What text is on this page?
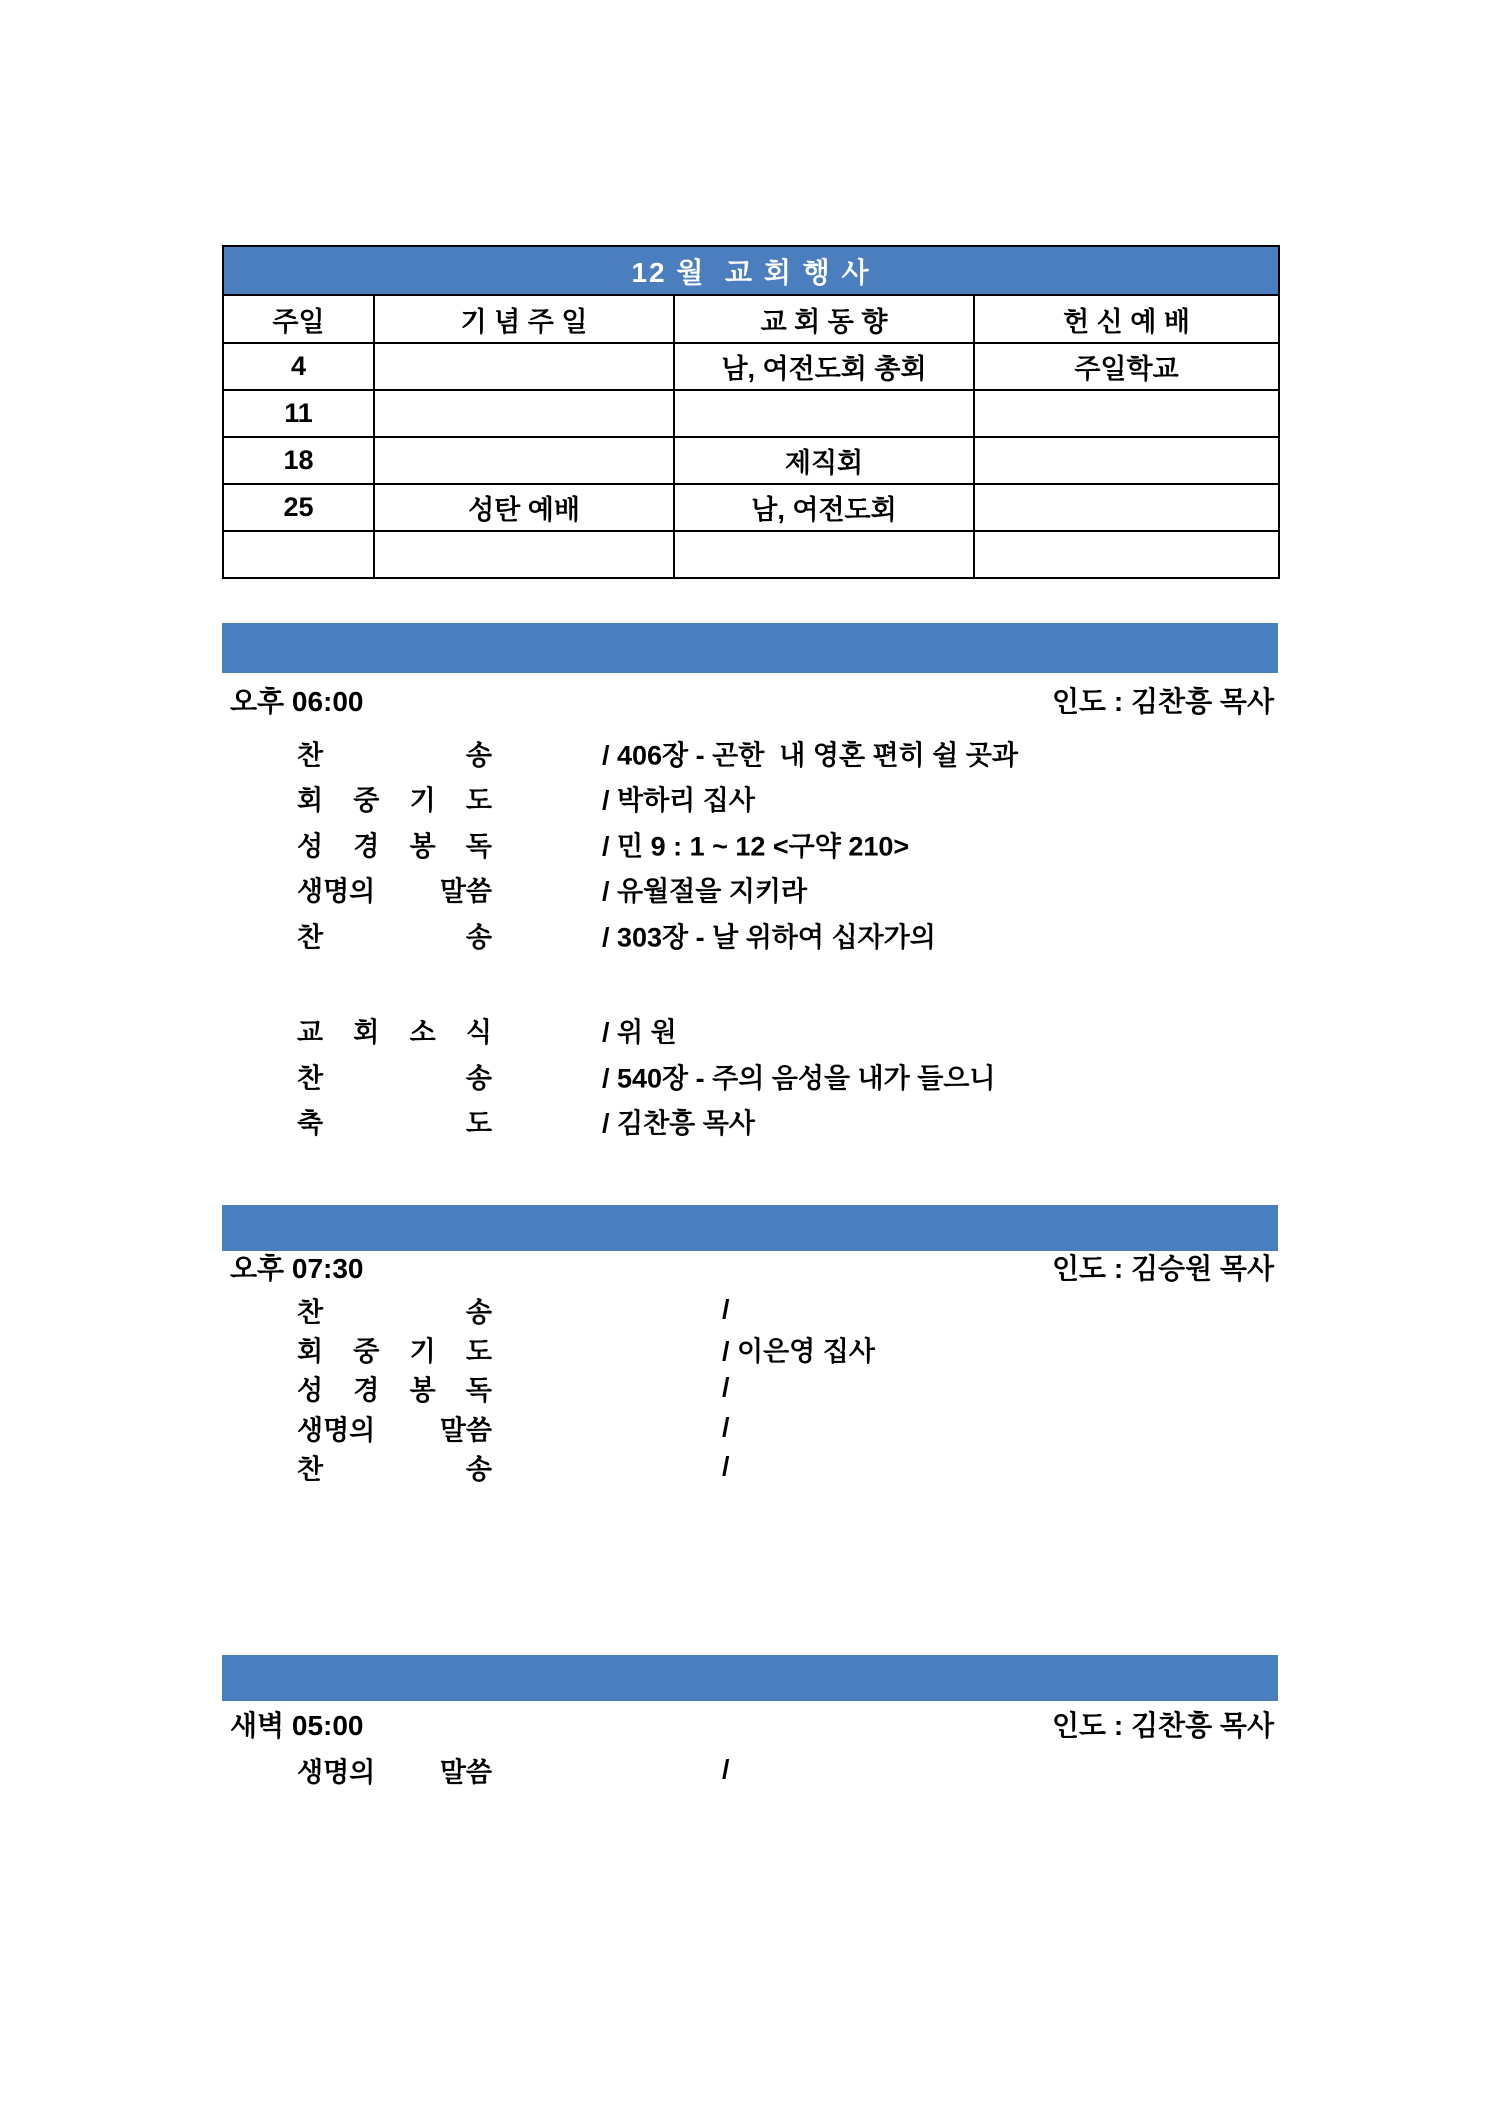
12 월  교 회 행 사			
주일	기 념 주 일	교 회 동 향	헌 신 예 배
4		남, 여전도회 총회	주일학교
11			
18		제직회	
25	성탄 예배	남, 여전도회	

주일 저녁 예배

오후 06:00	인도 : 김찬흥 목사
찬 송	/ 406장 - 곤한  내 영혼 편히 쉴 곳과
회 중 기 도	/ 박하리 집사
성 경 봉 독	/ 민 9 : 1 ~ 12 <구약 210>
생명의 말씀	/ 유월절을 지키라
찬 송	/ 303장 - 날 위하여 십자가의
교 회 소 식	/ 위 원
찬 송	/ 540장 - 주의 음성을 내가 들으니
축 도	/ 김찬흥 목사

삼일 저녁 예배

오후 07:30	인도 : 김승원 목사
찬 송	/
회 중 기 도	/ 이은영 집사
성 경 봉 독	/
생명의 말씀	/
찬 송	/

새벽 기도회

새벽 05:00	인도 : 김찬흥 목사
생명의 말씀	/
